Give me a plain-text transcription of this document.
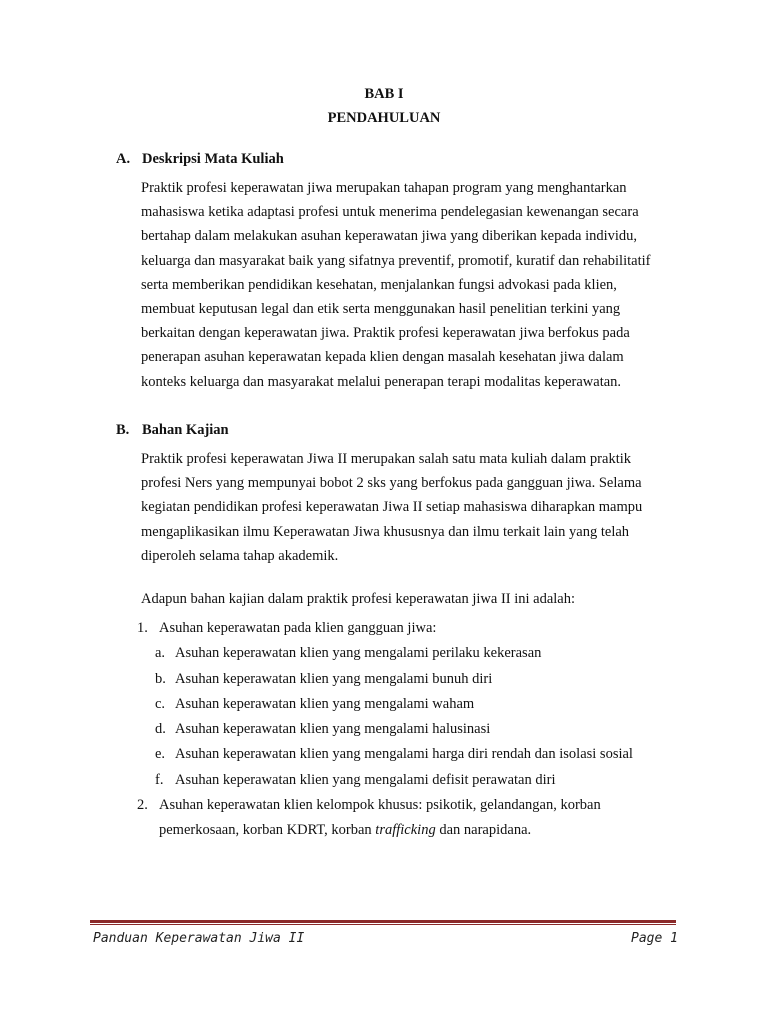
BAB I
PENDAHULUAN
A. Deskripsi Mata Kuliah
Praktik profesi keperawatan jiwa merupakan tahapan program yang menghantarkan
mahasiswa ketika adaptasi profesi untuk menerima pendelegasian kewenangan secara
bertahap dalam melakukan asuhan keperawatan jiwa yang diberikan kepada individu,
keluarga dan masyarakat baik yang sifatnya preventif, promotif, kuratif dan rehabilitatif
serta memberikan pendidikan kesehatan, menjalankan fungsi advokasi pada klien,
membuat keputusan legal dan etik serta menggunakan hasil penelitian terkini yang
berkaitan dengan keperawatan jiwa. Praktik profesi keperawatan jiwa berfokus pada
penerapan asuhan keperawatan kepada klien dengan masalah kesehatan jiwa dalam
konteks keluarga dan masyarakat melalui penerapan terapi modalitas keperawatan.
B. Bahan Kajian
Praktik profesi keperawatan Jiwa II merupakan salah satu mata kuliah dalam praktik
profesi Ners yang mempunyai bobot 2 sks yang berfokus pada gangguan jiwa. Selama
kegiatan pendidikan profesi keperawatan Jiwa II setiap mahasiswa diharapkan mampu
mengaplikasikan ilmu Keperawatan Jiwa khususnya dan ilmu terkait lain yang telah
diperoleh selama tahap akademik.
Adapun bahan kajian dalam praktik profesi keperawatan jiwa II ini adalah:
1. Asuhan keperawatan pada klien gangguan jiwa:
a. Asuhan keperawatan klien yang mengalami perilaku kekerasan
b. Asuhan keperawatan klien yang mengalami bunuh diri
c. Asuhan keperawatan klien yang mengalami waham
d. Asuhan keperawatan klien yang mengalami halusinasi
e. Asuhan keperawatan klien yang mengalami harga diri rendah dan isolasi sosial
f. Asuhan keperawatan klien yang mengalami defisit perawatan diri
2. Asuhan keperawatan klien kelompok khusus: psikotik, gelandangan, korban
pemerkosaan, korban KDRT, korban trafficking dan narapidana.
Panduan Keperawatan Jiwa II	Page 1
